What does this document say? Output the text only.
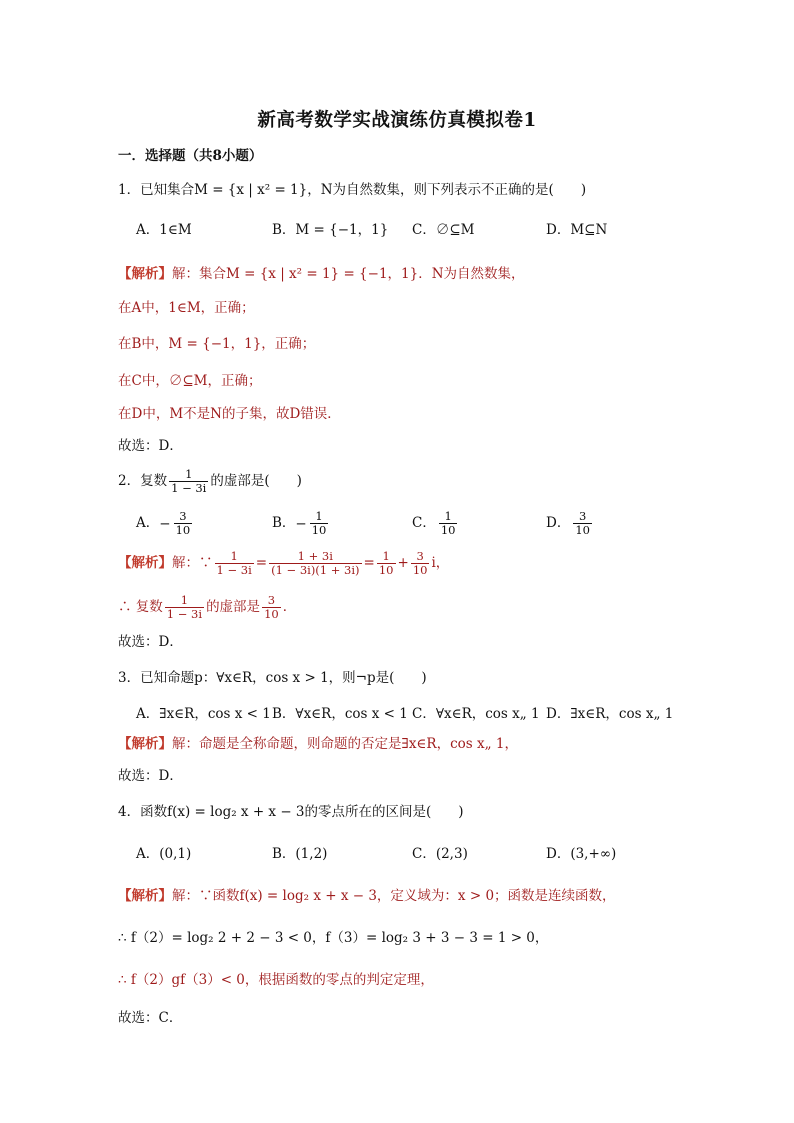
新高考数学实战演练仿真模拟卷1
一．选择题（共8小题）
1．已知集合M = {x | x² = 1}，N为自然数集，则下列表示不正确的是(　　)
A．1∈M	B．M = {−1，1} C．∅⊆M	D．M⊆N
【解析】解：集合M = {x | x² = 1} = {−1，1}．N为自然数集，
在A中，1∈M，正确；
在B中，M = {−1，1}，正确；
在C中，∅⊆M，正确；
在D中，M不是N的子集，故D错误．
故选：D．
2．复数 $\frac{1}{1 - 3i}$ 的虚部是(　　)
A．− $\frac{3}{10}$	B．− $\frac{1}{10}$	C． $\frac{1}{10}$	D． $\frac{3}{10}$
【解析】解：∵ $\frac{1}{1 - 3i} = \frac{1 + 3i}{(1 - 3i)(1 + 3i)} = \frac{1}{10} + \frac{3}{10}$ i，
∴ 复数 $\frac{1}{1 - 3i}$ 的虚部是 $\frac{3}{10}$ ．
故选：D．
3．已知命题p：∀x∈R，cos x > 1，则¬p是(　　)
A．∃x∈R，cos x < 1 B．∀x∈R，cos x < 1 C．∀x∈R，cos x„ 1 D．∃x∈R，cos x„ 1
【解析】解：命题是全称命题，则命题的否定是∃x∈R，cos x„ 1，
故选：D．
4．函数f(x) = log₂ x + x − 3的零点所在的区间是(　　)
A．(0,1)	B．(1,2)	C．(2,3)	D．(3,+∞)
【解析】解：∵函数f(x) = log₂ x + x − 3，定义域为：x > 0；函数是连续函数，
∴ f（2）= log₂ 2 + 2 − 3 < 0，f（3）= log₂ 3 + 3 − 3 = 1 > 0，
∴ f（2）gf（3）< 0，根据函数的零点的判定定理，
故选：C．
